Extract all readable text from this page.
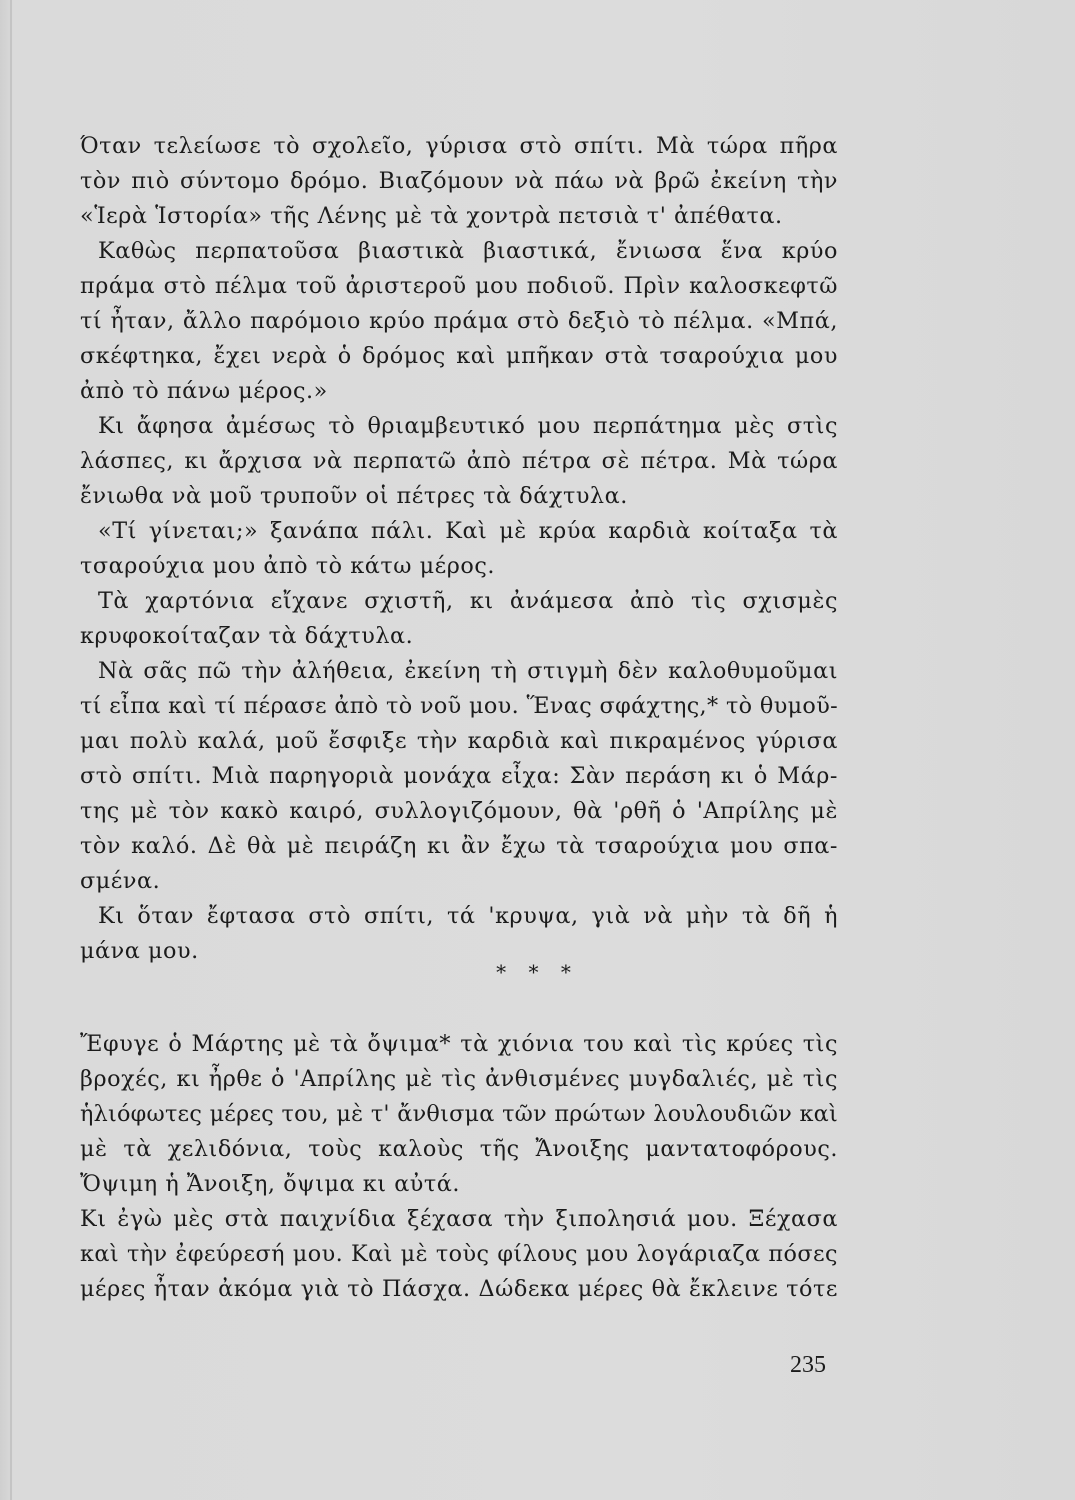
Όταν τελείωσε τὸ σχολεῖο, γύρισα στὸ σπίτι. Μὰ τώρα πῆρα
τὸν πιὸ σύντομο δρόμο. Βιαζόμουν νὰ πάω νὰ βρῶ ἐκείνη τὴν
«Ἱερὰ Ἱστορία» τῆς Λένης μὲ τὰ χοντρὰ πετσιὰ τ' ἀπέθατα.
Καθὼς περπατοῦσα βιαστικὰ βιαστικά, ἔνιωσα ἕνα κρύο
πράμα στὸ πέλμα τοῦ ἀριστεροῦ μου ποδιοῦ. Πρὶν καλοσκεφτῶ
τί ἦταν, ἄλλο παρόμοιο κρύο πράμα στὸ δεξιὸ τὸ πέλμα. «Μπά,
σκέφτηκα, ἔχει νερὰ ὁ δρόμος καὶ μπῆκαν στὰ τσαρούχια μου
ἀπὸ τὸ πάνω μέρος.»
Κι ἄφησα ἀμέσως τὸ θριαμβευτικό μου περπάτημα μὲς στὶς
λάσπες, κι ἄρχισα νὰ περπατῶ ἀπὸ πέτρα σὲ πέτρα. Μὰ τώρα
ἔνιωθα νὰ μοῦ τρυποῦν οἱ πέτρες τὰ δάχτυλα.
«Τί γίνεται;» ξανάπα πάλι. Καὶ μὲ κρύα καρδιὰ κοίταξα τὰ
τσαρούχια μου ἀπὸ τὸ κάτω μέρος.
Τὰ χαρτόνια εἴχανε σχιστῆ, κι ἀνάμεσα ἀπὸ τὶς σχισμὲς
κρυφοκοίταζαν τὰ δάχτυλα.
Νὰ σᾶς πῶ τὴν ἀλήθεια, ἐκείνη τὴ στιγμὴ δὲν καλοθυμοῦμαι
τί εἶπα καὶ τί πέρασε ἀπὸ τὸ νοῦ μου. Ἕνας σφάχτης,* τὸ θυμοῦ-
μαι πολὺ καλά, μοῦ ἔσφιξε τὴν καρδιὰ καὶ πικραμένος γύρισα
στὸ σπίτι. Μιὰ παρηγοριὰ μονάχα εἶχα: Σὰν περάση κι ὁ Μάρ-
της μὲ τὸν κακὸ καιρό, συλλογιζόμουν, θὰ 'ρθῆ ὁ 'Απρίλης μὲ
τὸν καλό. Δὲ θὰ μὲ πειράζη κι ἂν ἔχω τὰ τσαρούχια μου σπα-
σμένα.
Κι ὅταν ἔφτασα στὸ σπίτι, τά 'κρυψα, γιὰ νὰ μὴν τὰ δῆ ἡ
μάνα μου.
* * *
Ἔφυγε ὁ Μάρτης μὲ τὰ ὄψιμα* τὰ χιόνια του καὶ τὶς κρύες τὶς
βροχές, κι ἦρθε ὁ 'Απρίλης μὲ τὶς ἀνθισμένες μυγδαλιές, μὲ τὶς
ἡλιόφωτες μέρες του, μὲ τ' ἄνθισμα τῶν πρώτων λουλουδιῶν καὶ
μὲ τὰ χελιδόνια, τοὺς καλοὺς τῆς Ἄνοιξης μαντατοφόρους.
Ὄψιμη ἡ Ἄνοιξη, ὄψιμα κι αὐτά.
Κι ἐγὼ μὲς στὰ παιχνίδια ξέχασα τὴν ξιπολησιά μου. Ξέχασα
καὶ τὴν ἐφεύρεσή μου. Καὶ μὲ τοὺς φίλους μου λογάριαζα πόσες
μέρες ἦταν ἀκόμα γιὰ τὸ Πάσχα. Δώδεκα μέρες θὰ ἔκλεινε τότε
235
